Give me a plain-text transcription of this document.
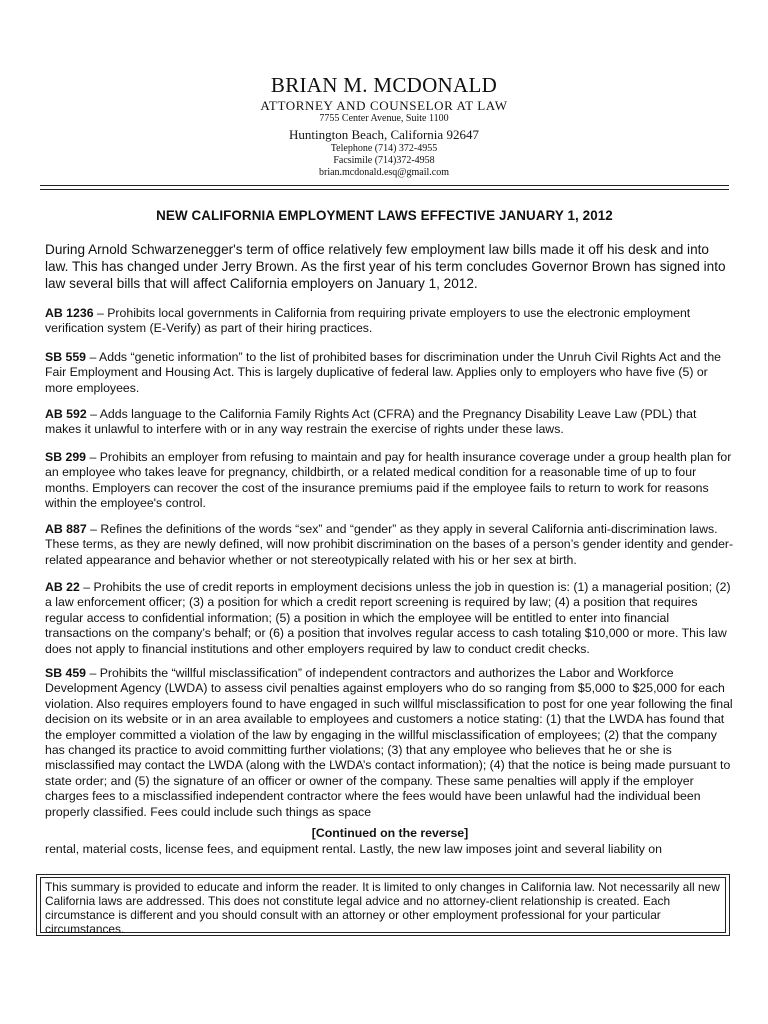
BRIAN M. MCDONALD
ATTORNEY AND COUNSELOR AT LAW
7755 Center Avenue, Suite 1100
Huntington Beach, California 92647
Telephone (714) 372-4955
Facsimile (714)372-4958
brian.mcdonald.esq@gmail.com
NEW CALIFORNIA EMPLOYMENT LAWS EFFECTIVE JANUARY 1, 2012
During Arnold Schwarzenegger's term of office relatively few employment law bills made it off his desk and into law. This has changed under Jerry Brown. As the first year of his term concludes Governor Brown has signed into law several bills that will affect California employers on January 1, 2012.
AB 1236 – Prohibits local governments in California from requiring private employers to use the electronic employment verification system (E-Verify) as part of their hiring practices.
SB 559 – Adds “genetic information” to the list of prohibited bases for discrimination under the Unruh Civil Rights Act and the Fair Employment and Housing Act. This is largely duplicative of federal law. Applies only to employers who have five (5) or more employees.
AB 592 – Adds language to the California Family Rights Act (CFRA) and the Pregnancy Disability Leave Law (PDL) that makes it unlawful to interfere with or in any way restrain the exercise of rights under these laws.
SB 299 – Prohibits an employer from refusing to maintain and pay for health insurance coverage under a group health plan for an employee who takes leave for pregnancy, childbirth, or a related medical condition for a reasonable time of up to four months. Employers can recover the cost of the insurance premiums paid if the employee fails to return to work for reasons within the employee's control.
AB 887 – Refines the definitions of the words “sex” and “gender” as they apply in several California anti-discrimination laws. These terms, as they are newly defined, will now prohibit discrimination on the bases of a person’s gender identity and gender-related appearance and behavior whether or not stereotypically related with his or her sex at birth.
AB 22 – Prohibits the use of credit reports in employment decisions unless the job in question is: (1) a managerial position; (2) a law enforcement officer; (3) a position for which a credit report screening is required by law; (4) a position that requires regular access to confidential information; (5) a position in which the employee will be entitled to enter into financial transactions on the company’s behalf; or (6) a position that involves regular access to cash totaling $10,000 or more. This law does not apply to financial institutions and other employers required by law to conduct credit checks.
SB 459 – Prohibits the “willful misclassification” of independent contractors and authorizes the Labor and Workforce Development Agency (LWDA) to assess civil penalties against employers who do so ranging from $5,000 to $25,000 for each violation. Also requires employers found to have engaged in such willful misclassification to post for one year following the final decision on its website or in an area available to employees and customers a notice stating: (1) that the LWDA has found that the employer committed a violation of the law by engaging in the willful misclassification of employees; (2) that the company has changed its practice to avoid committing further violations; (3) that any employee who believes that he or she is misclassified may contact the LWDA (along with the LWDA’s contact information); (4) that the notice is being made pursuant to state order; and (5) the signature of an officer or owner of the company. These same penalties will apply if the employer charges fees to a misclassified independent contractor where the fees would have been unlawful had the individual been properly classified. Fees could include such things as space
[Continued on the reverse]
rental, material costs, license fees, and equipment rental. Lastly, the new law imposes joint and several liability on
This summary is provided to educate and inform the reader. It is limited to only changes in California law. Not necessarily all new California laws are addressed. This does not constitute legal advice and no attorney-client relationship is created. Each circumstance is different and you should consult with an attorney or other employment professional for your particular circumstances.
